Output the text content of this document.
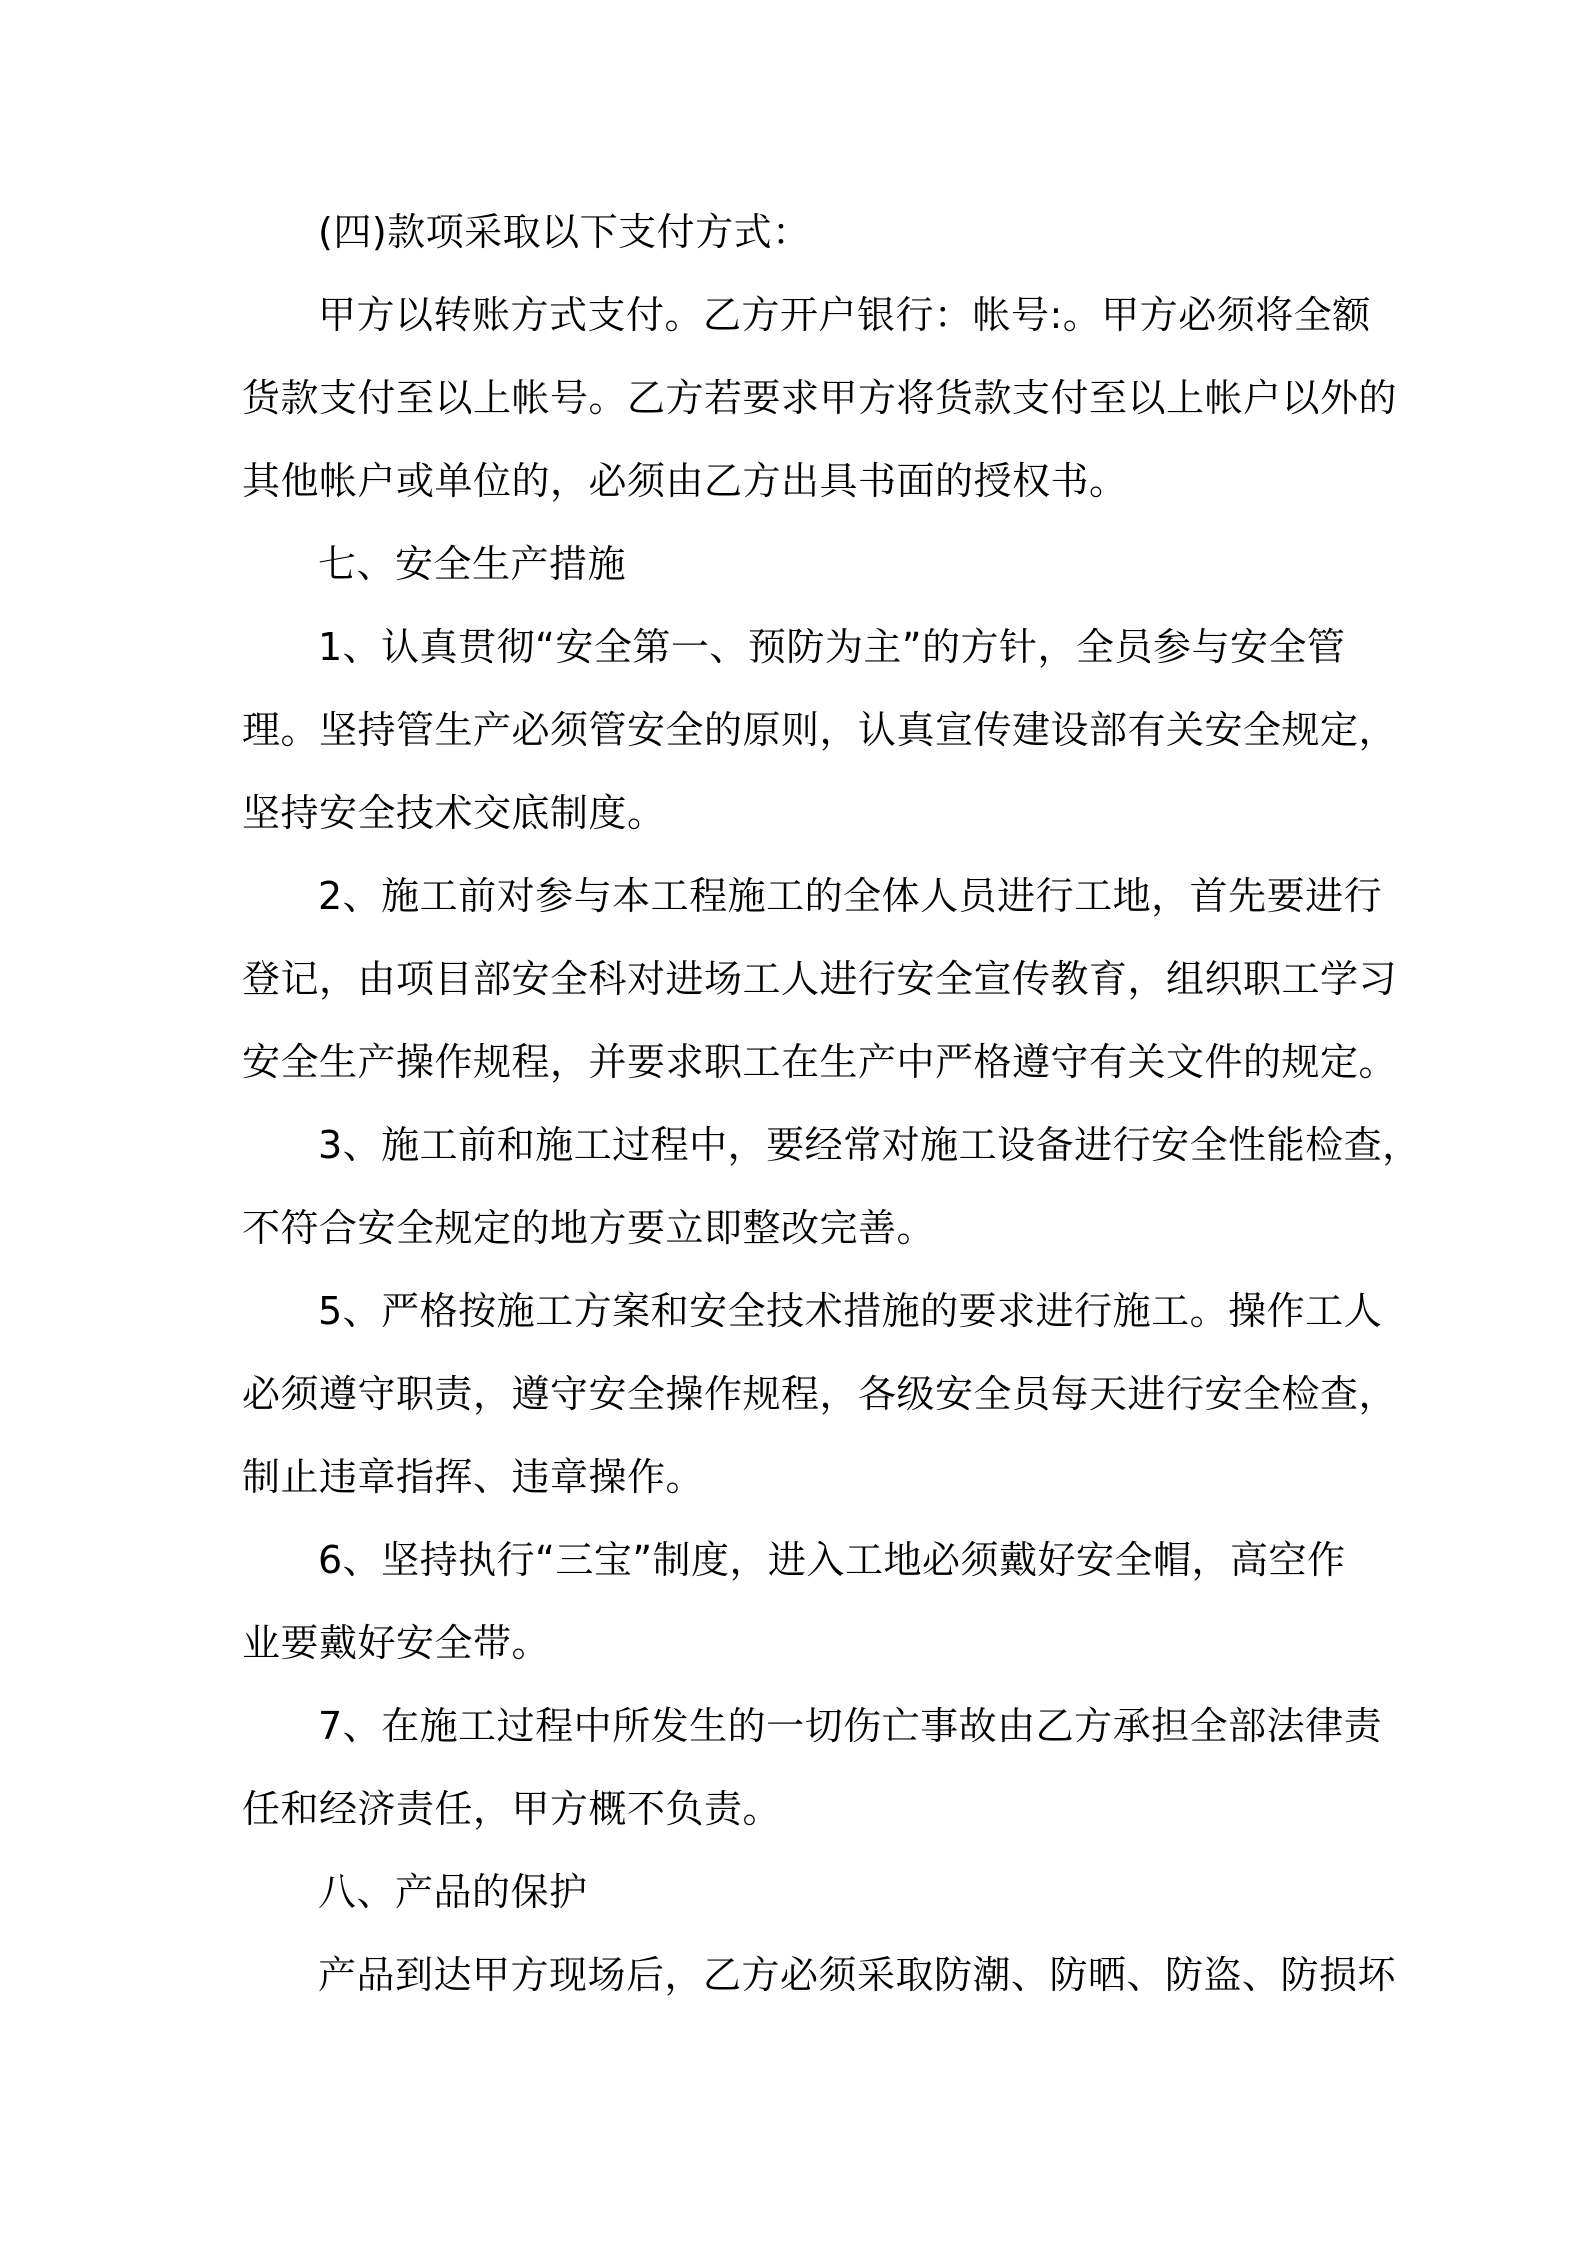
(四)款项采取以下支付方式：
甲方以转账方式支付。乙方开户银行：帐号:。甲方必须将全额
货款支付至以上帐号。乙方若要求甲方将货款支付至以上帐户以外的
其他帐户或单位的，必须由乙方出具书面的授权书。
七、安全生产措施
1、认真贯彻“安全第一、预防为主”的方针，全员参与安全管
理。坚持管生产必须管安全的原则，认真宣传建设部有关安全规定，
坚持安全技术交底制度。
2、施工前对参与本工程施工的全体人员进行工地，首先要进行
登记，由项目部安全科对进场工人进行安全宣传教育，组织职工学习
安全生产操作规程，并要求职工在生产中严格遵守有关文件的规定。
3、施工前和施工过程中，要经常对施工设备进行安全性能检查，
不符合安全规定的地方要立即整改完善。
5、严格按施工方案和安全技术措施的要求进行施工。操作工人
必须遵守职责，遵守安全操作规程，各级安全员每天进行安全检查，
制止违章指挥、违章操作。
6、坚持执行“三宝”制度，进入工地必须戴好安全帽，高空作
业要戴好安全带。
7、在施工过程中所发生的一切伤亡事故由乙方承担全部法律责
任和经济责任，甲方概不负责。
八、产品的保护
产品到达甲方现场后，乙方必须采取防潮、防晒、防盗、防损坏
